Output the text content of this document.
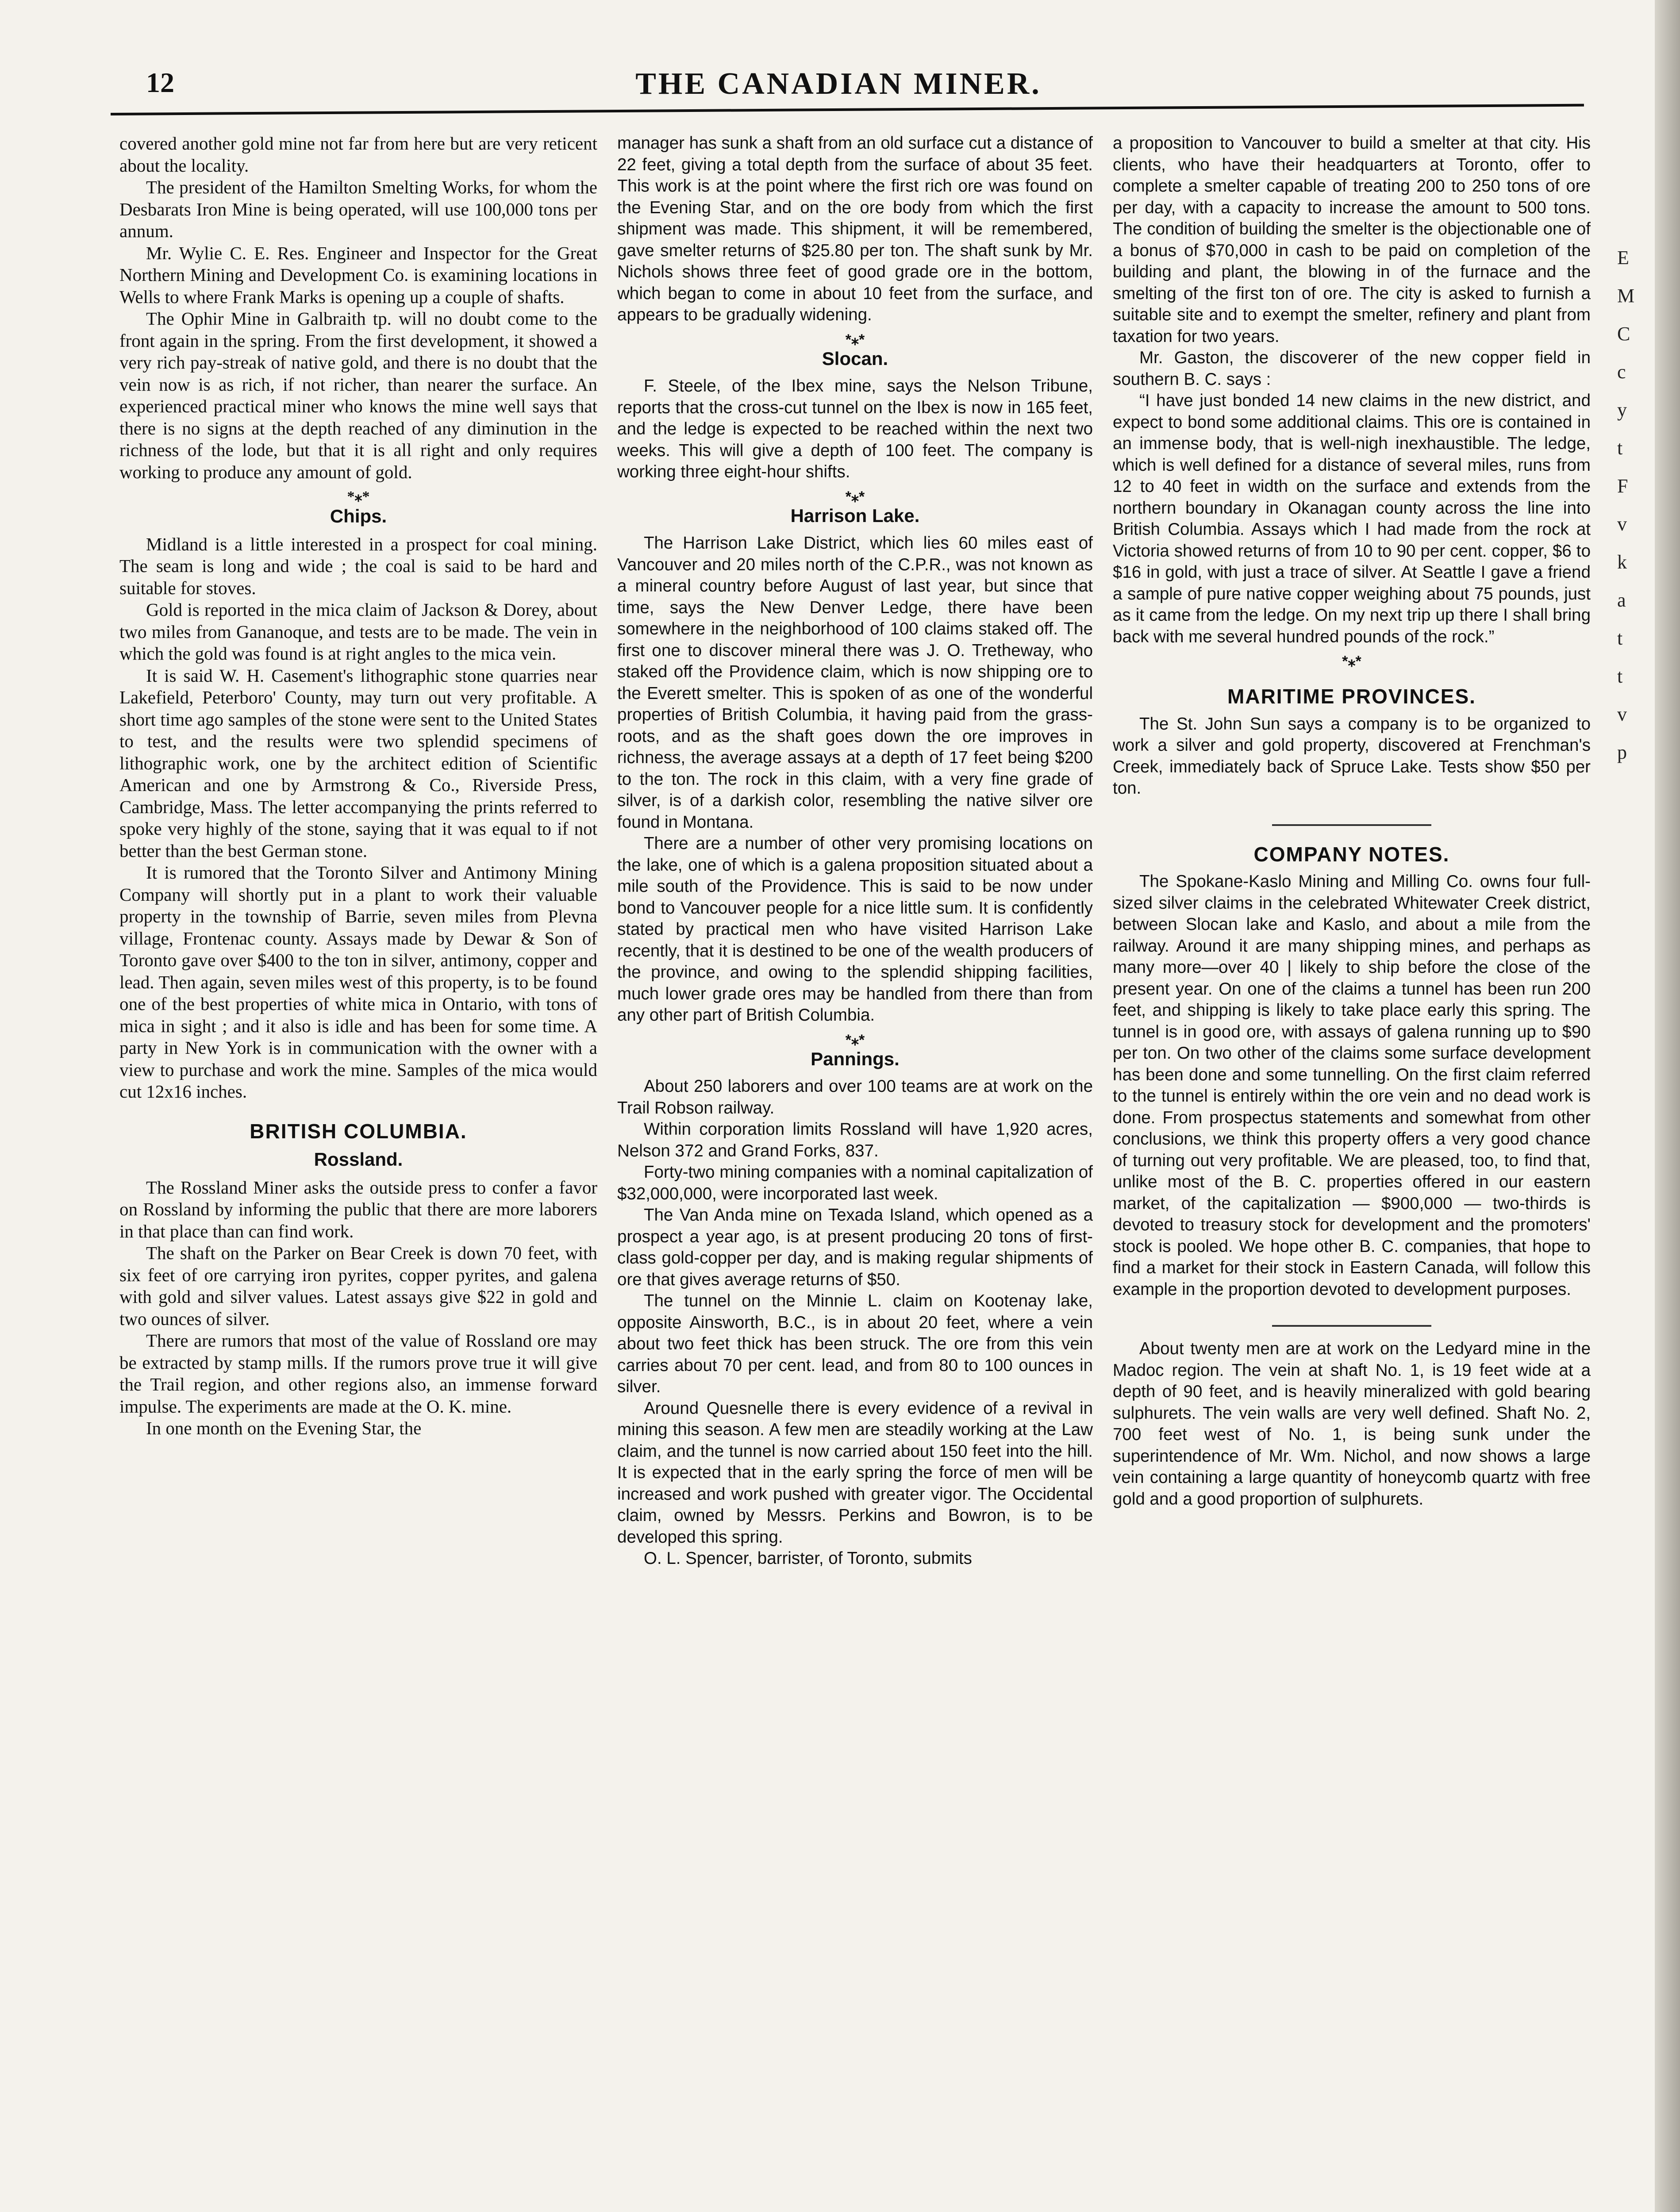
12	THE CANADIAN MINER.

covered another gold mine not far from here but are very reticent about the locality.

The president of the Hamilton Smelting Works, for whom the Desbarats Iron Mine is being operated, will use 100,000 tons per annum.

Mr. Wylie C. E. Res. Engineer and Inspector for the Great Northern Mining and Development Co. is examining locations in Wells to where Frank Marks is opening up a couple of shafts.

The Ophir Mine in Galbraith tp. will no doubt come to the front again in the spring. From the first development, it showed a very rich pay-streak of native gold, and there is no doubt that the vein now is as rich, if not richer, than nearer the surface. An experienced practical miner who knows the mine well says that there is no signs at the depth reached of any diminution in the richness of the lode, but that it is all right and only requires working to produce any amount of gold.

*⁎*
Chips.

Midland is a little interested in a prospect for coal mining. The seam is long and wide ; the coal is said to be hard and suitable for stoves.

Gold is reported in the mica claim of Jackson & Dorey, about two miles from Gananoque, and tests are to be made. The vein in which the gold was found is at right angles to the mica vein.

It is said W. H. Casement's lithographic stone quarries near Lakefield, Peterboro' County, may turn out very profitable. A short time ago samples of the stone were sent to the United States to test, and the results were two splendid specimens of lithographic work, one by the architect edition of Scientific American and one by Armstrong & Co., Riverside Press, Cambridge, Mass. The letter accompanying the prints referred to spoke very highly of the stone, saying that it was equal to if not better than the best German stone.

It is rumored that the Toronto Silver and Antimony Mining Company will shortly put in a plant to work their valuable property in the township of Barrie, seven miles from Plevna village, Frontenac county. Assays made by Dewar & Son of Toronto gave over $400 to the ton in silver, antimony, copper and lead. Then again, seven miles west of this property, is to be found one of the best properties of white mica in Ontario, with tons of mica in sight ; and it also is idle and has been for some time. A party in New York is in communication with the owner with a view to purchase and work the mine. Samples of the mica would cut 12x16 inches.

BRITISH COLUMBIA.
Rossland.

The Rossland Miner asks the outside press to confer a favor on Rossland by informing the public that there are more laborers in that place than can find work.

The shaft on the Parker on Bear Creek is down 70 feet, with six feet of ore carrying iron pyrites, copper pyrites, and galena with gold and silver values. Latest assays give $22 in gold and two ounces of silver.

There are rumors that most of the value of Rossland ore may be extracted by stamp mills. If the rumors prove true it will give the Trail region, and other regions also, an immense forward impulse. The experiments are made at the O. K. mine.

In one month on the Evening Star, the

manager has sunk a shaft from an old surface cut a distance of 22 feet, giving a total depth from the surface of about 35 feet. This work is at the point where the first rich ore was found on the Evening Star, and on the ore body from which the first shipment was made. This shipment, it will be remembered, gave smelter returns of $25.80 per ton. The shaft sunk by Mr. Nichols shows three feet of good grade ore in the bottom, which began to come in about 10 feet from the surface, and appears to be gradually widening.

*⁎*
Slocan.

F. Steele, of the Ibex mine, says the Nelson Tribune, reports that the cross-cut tunnel on the Ibex is now in 165 feet, and the ledge is expected to be reached within the next two weeks. This will give a depth of 100 feet. The company is working three eight-hour shifts.

*⁎*
Harrison Lake.

The Harrison Lake District, which lies 60 miles east of Vancouver and 20 miles north of the C.P.R., was not known as a mineral country before August of last year, but since that time, says the New Denver Ledge, there have been somewhere in the neighborhood of 100 claims staked off. The first one to discover mineral there was J. O. Tretheway, who staked off the Providence claim, which is now shipping ore to the Everett smelter. This is spoken of as one of the wonderful properties of British Columbia, it having paid from the grass-roots, and as the shaft goes down the ore improves in richness, the average assays at a depth of 17 feet being $200 to the ton. The rock in this claim, with a very fine grade of silver, is of a darkish color, resembling the native silver ore found in Montana.

There are a number of other very promising locations on the lake, one of which is a galena proposition situated about a mile south of the Providence. This is said to be now under bond to Vancouver people for a nice little sum. It is confidently stated by practical men who have visited Harrison Lake recently, that it is destined to be one of the wealth producers of the province, and owing to the splendid shipping facilities, much lower grade ores may be handled from there than from any other part of British Columbia.

*⁎*
Pannings.

About 250 laborers and over 100 teams are at work on the Trail Robson railway.

Within corporation limits Rossland will have 1,920 acres, Nelson 372 and Grand Forks, 837.

Forty-two mining companies with a nominal capitalization of $32,000,000, were incorporated last week.

The Van Anda mine on Texada Island, which opened as a prospect a year ago, is at present producing 20 tons of first-class gold-copper per day, and is making regular shipments of ore that gives average returns of $50.

The tunnel on the Minnie L. claim on Kootenay lake, opposite Ainsworth, B.C., is in about 20 feet, where a vein about two feet thick has been struck. The ore from this vein carries about 70 per cent. lead, and from 80 to 100 ounces in silver.

Around Quesnelle there is every evidence of a revival in mining this season. A few men are steadily working at the Law claim, and the tunnel is now carried about 150 feet into the hill. It is expected that in the early spring the force of men will be increased and work pushed with greater vigor. The Occidental claim, owned by Messrs. Perkins and Bowron, is to be developed this spring.

O. L. Spencer, barrister, of Toronto, submits

a proposition to Vancouver to build a smelter at that city. His clients, who have their headquarters at Toronto, offer to complete a smelter capable of treating 200 to 250 tons of ore per day, with a capacity to increase the amount to 500 tons. The condition of building the smelter is the objectionable one of a bonus of $70,000 in cash to be paid on completion of the building and plant, the blowing in of the furnace and the smelting of the first ton of ore. The city is asked to furnish a suitable site and to exempt the smelter, refinery and plant from taxation for two years.

Mr. Gaston, the discoverer of the new copper field in southern B. C. says :

“I have just bonded 14 new claims in the new district, and expect to bond some additional claims. This ore is contained in an immense body, that is well-nigh inexhaustible. The ledge, which is well defined for a distance of several miles, runs from 12 to 40 feet in width on the surface and extends from the northern boundary in Okanagan county across the line into British Columbia. Assays which I had made from the rock at Victoria showed returns of from 10 to 90 per cent. copper, $6 to $16 in gold, with just a trace of silver. At Seattle I gave a friend a sample of pure native copper weighing about 75 pounds, just as it came from the ledge. On my next trip up there I shall bring back with me several hundred pounds of the rock.”

*⁎*
MARITIME PROVINCES.

The St. John Sun says a company is to be organized to work a silver and gold property, discovered at Frenchman's Creek, immediately back of Spruce Lake. Tests show $50 per ton.

COMPANY NOTES.

The Spokane-Kaslo Mining and Milling Co. owns four full-sized silver claims in the celebrated Whitewater Creek district, between Slocan lake and Kaslo, and about a mile from the railway. Around it are many shipping mines, and perhaps as many more—over 40 | likely to ship before the close of the present year. On one of the claims a tunnel has been run 200 feet, and shipping is likely to take place early this spring. The tunnel is in good ore, with assays of galena running up to $90 per ton. On two other of the claims some surface development has been done and some tunnelling. On the first claim referred to the tunnel is entirely within the ore vein and no dead work is done. From prospectus statements and somewhat from other conclusions, we think this property offers a very good chance of turning out very profitable. We are pleased, too, to find that, unlike most of the B. C. properties offered in our eastern market, of the capitalization — $900,000 — two-thirds is devoted to treasury stock for development and the promoters' stock is pooled. We hope other B. C. companies, that hope to find a market for their stock in Eastern Canada, will follow this example in the proportion devoted to development purposes.

About twenty men are at work on the Ledyard mine in the Madoc region. The vein at shaft No. 1, is 19 feet wide at a depth of 90 feet, and is heavily mineralized with gold bearing sulphurets. The vein walls are very well defined. Shaft No. 2, 700 feet west of No. 1, is being sunk under the superintendence of Mr. Wm. Nichol, and now shows a large vein containing a large quantity of honeycomb quartz with free gold and a good proportion of sulphurets.

E
M
C
c
y
t
F
v
k
a
t
t
v
p
